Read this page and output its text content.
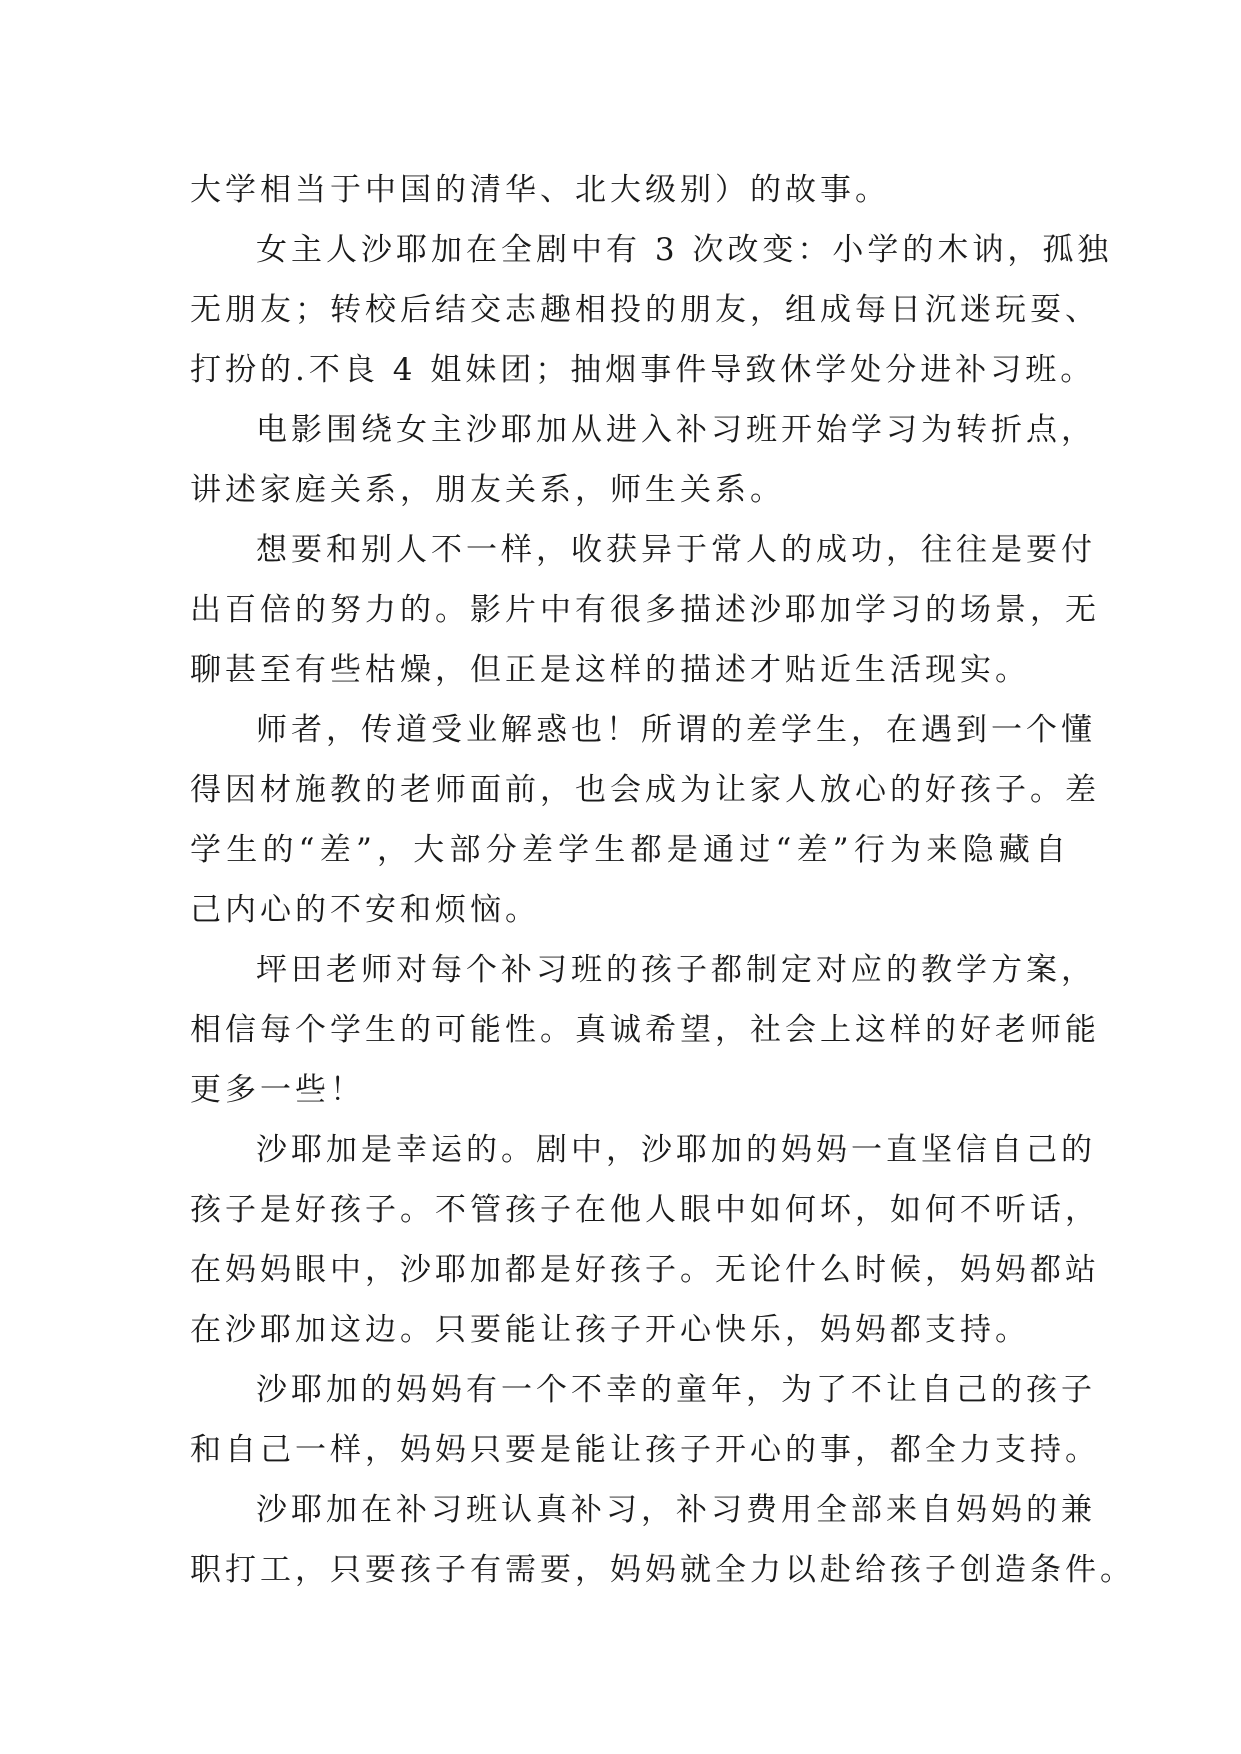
大学相当于中国的清华、北大级别）的故事。
女主人沙耶加在全剧中有 3 次改变：小学的木讷，孤独
无朋友；转校后结交志趣相投的朋友，组成每日沉迷玩耍、
打扮的.不良 4 姐妹团；抽烟事件导致休学处分进补习班。
电影围绕女主沙耶加从进入补习班开始学习为转折点，
讲述家庭关系，朋友关系，师生关系。
想要和别人不一样，收获异于常人的成功，往往是要付
出百倍的努力的。影片中有很多描述沙耶加学习的场景，无
聊甚至有些枯燥，但正是这样的描述才贴近生活现实。
师者，传道受业解惑也！所谓的差学生，在遇到一个懂
得因材施教的老师面前，也会成为让家人放心的好孩子。差
学生的“差”，大部分差学生都是通过“差”行为来隐藏自
己内心的不安和烦恼。
坪田老师对每个补习班的孩子都制定对应的教学方案，
相信每个学生的可能性。真诚希望，社会上这样的好老师能
更多一些！
沙耶加是幸运的。剧中，沙耶加的妈妈一直坚信自己的
孩子是好孩子。不管孩子在他人眼中如何坏，如何不听话，
在妈妈眼中，沙耶加都是好孩子。无论什么时候，妈妈都站
在沙耶加这边。只要能让孩子开心快乐，妈妈都支持。
沙耶加的妈妈有一个不幸的童年，为了不让自己的孩子
和自己一样，妈妈只要是能让孩子开心的事，都全力支持。
沙耶加在补习班认真补习，补习费用全部来自妈妈的兼
职打工，只要孩子有需要，妈妈就全力以赴给孩子创造条件。
